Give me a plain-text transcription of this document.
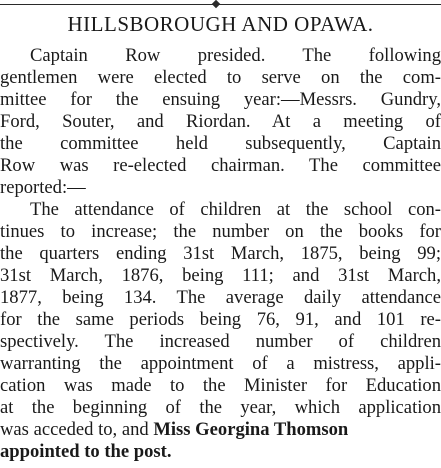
HILLSBOROUGH AND OPAWA.
Captain Row presided. The following
gentlemen were elected to serve on the com-
mittee for the ensuing year:—Messrs. Gundry,
Ford, Souter, and Riordan. At a meeting of
the committee held subsequently, Captain
Row was re-elected chairman. The committee
reported:—
The attendance of children at the school con-
tinues to increase; the number on the books for
the quarters ending 31st March, 1875, being 99;
31st March, 1876, being 111; and 31st March,
1877, being 134. The average daily attendance
for the same periods being 76, 91, and 101 re-
spectively. The increased number of children
warranting the appointment of a mistress, appli-
cation was made to the Minister for Education
at the beginning of the year, which application
was acceded to, and Miss Georgina Thomson
appointed to the post.
